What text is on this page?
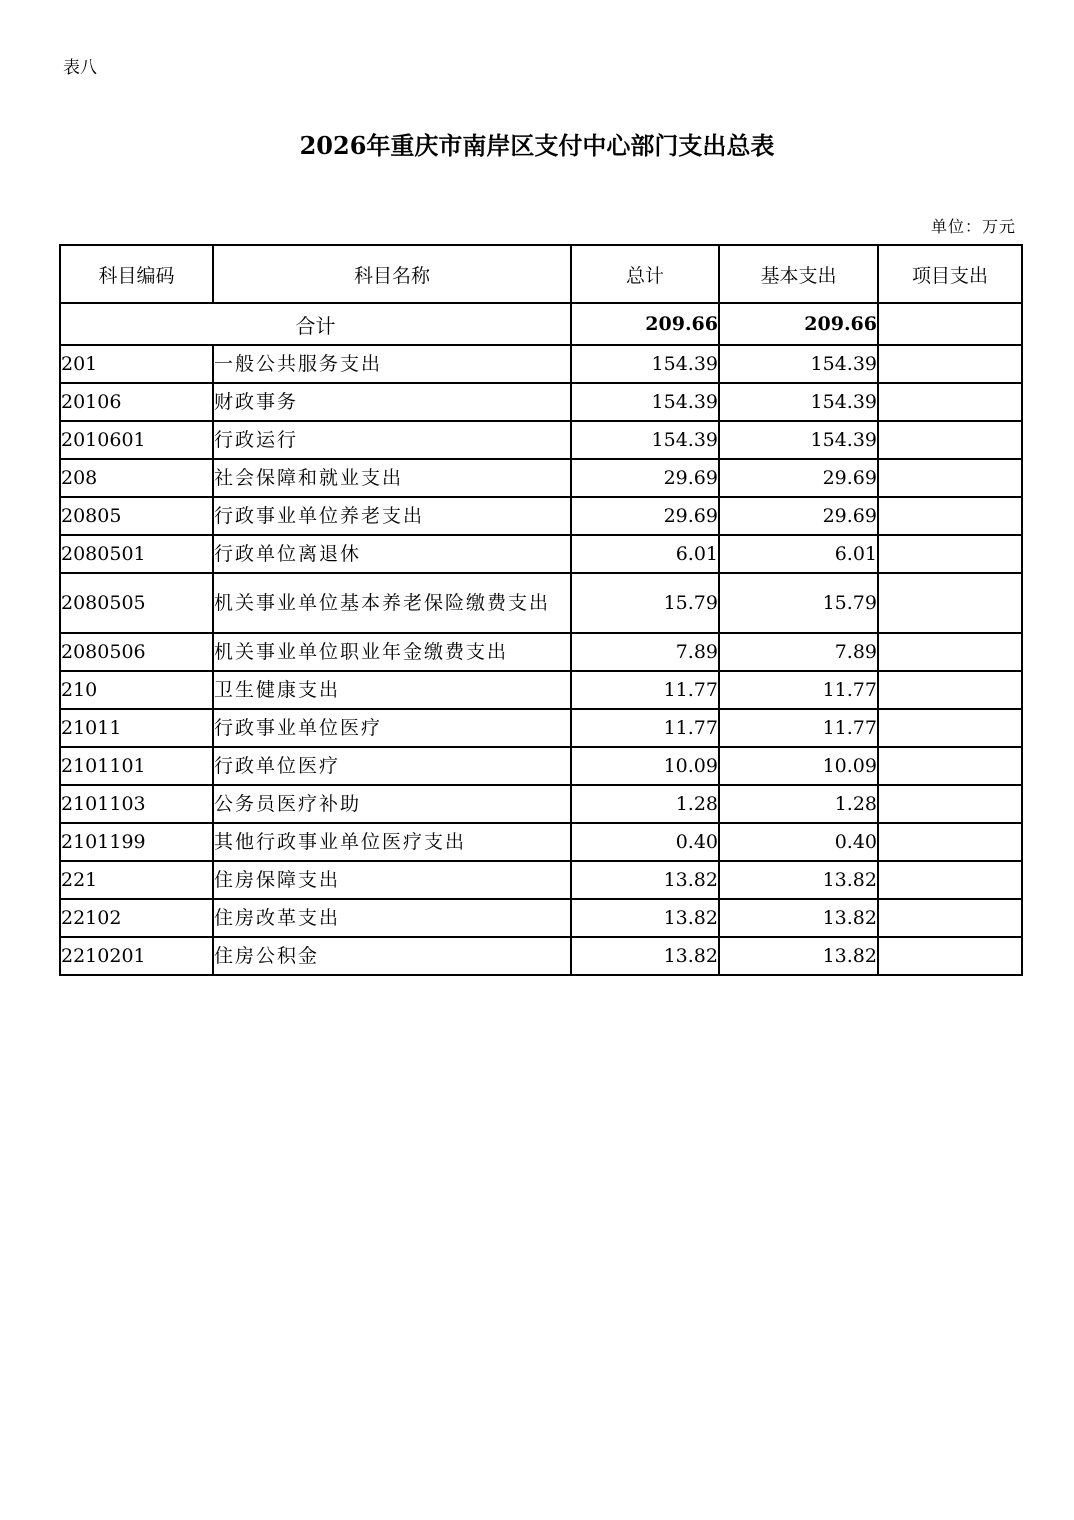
表八
2026年重庆市南岸区支付中心部门支出总表
单位：万元
科目编码	科目名称	总计	基本支出	项目支出
合计		209.66	209.66	
201	一般公共服务支出	154.39	154.39	
20106	财政事务	154.39	154.39	
2010601	行政运行	154.39	154.39	
208	社会保障和就业支出	29.69	29.69	
20805	行政事业单位养老支出	29.69	29.69	
2080501	行政单位离退休	6.01	6.01	
2080505	机关事业单位基本养老保险缴费支出	15.79	15.79	
2080506	机关事业单位职业年金缴费支出	7.89	7.89	
210	卫生健康支出	11.77	11.77	
21011	行政事业单位医疗	11.77	11.77	
2101101	行政单位医疗	10.09	10.09	
2101103	公务员医疗补助	1.28	1.28	
2101199	其他行政事业单位医疗支出	0.40	0.40	
221	住房保障支出	13.82	13.82	
22102	住房改革支出	13.82	13.82	
2210201	住房公积金	13.82	13.82	
